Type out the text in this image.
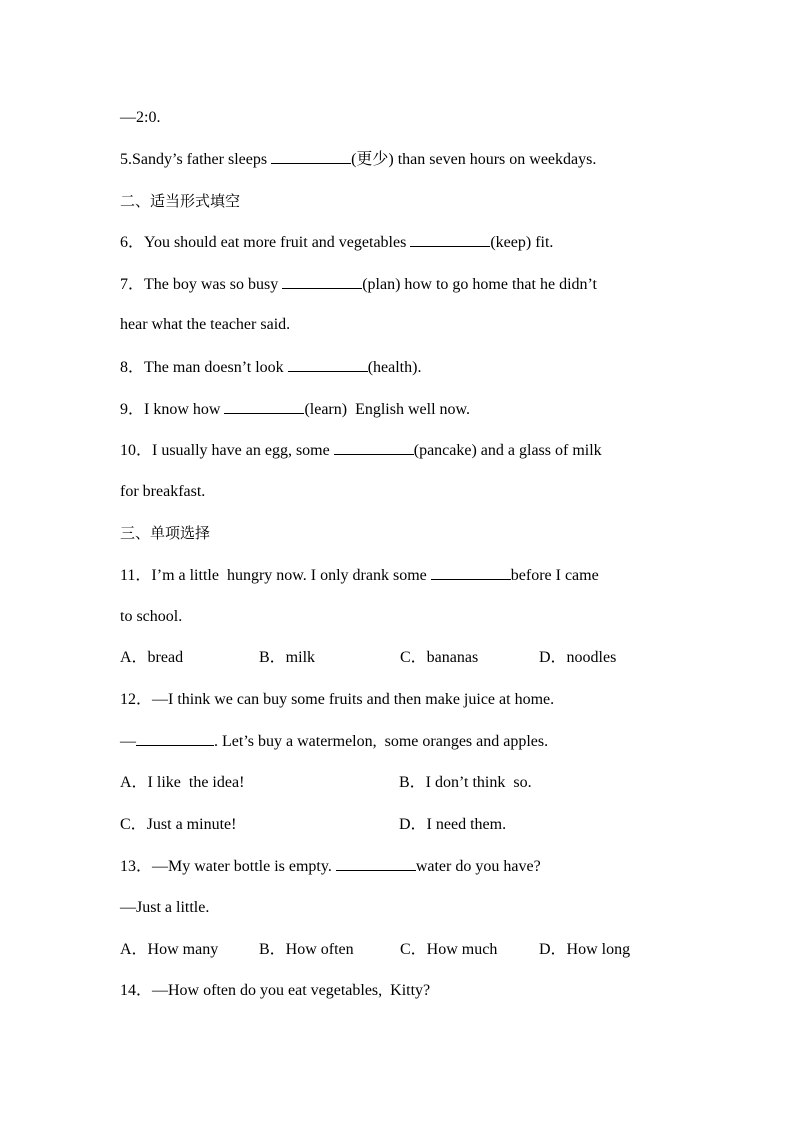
—2:0.
5.Sandy’s father sleeps	(更少) than seven hours on weekdays.
二、适当形式填空
6．You should eat more fruit and vegetables	(keep) fit.
7．The boy was so busy	(plan) how to go home that he didn’t
hear what the teacher said.
8．The man doesn’t look	(health).
9．I know how	(learn)  English well now.
10．I usually have an egg, some	(pancake) and a glass of milk
for breakfast.
三、单项选择
11．I’m a little  hungry now. I only drank some	before I came
to school.
A．bread	B．milk	C．bananas	D．noodles
12．—I think we can buy some fruits and then make juice at home.
—	. Let’s buy a watermelon,  some oranges and apples.
A．I like  the idea!	B．I don’t think  so.
C．Just a minute!	D．I need them.
13．—My water bottle is empty.	water do you have?
—Just a little.
A．How many	B．How often	C．How much	D．How long
14．—How often do you eat vegetables,  Kitty?
